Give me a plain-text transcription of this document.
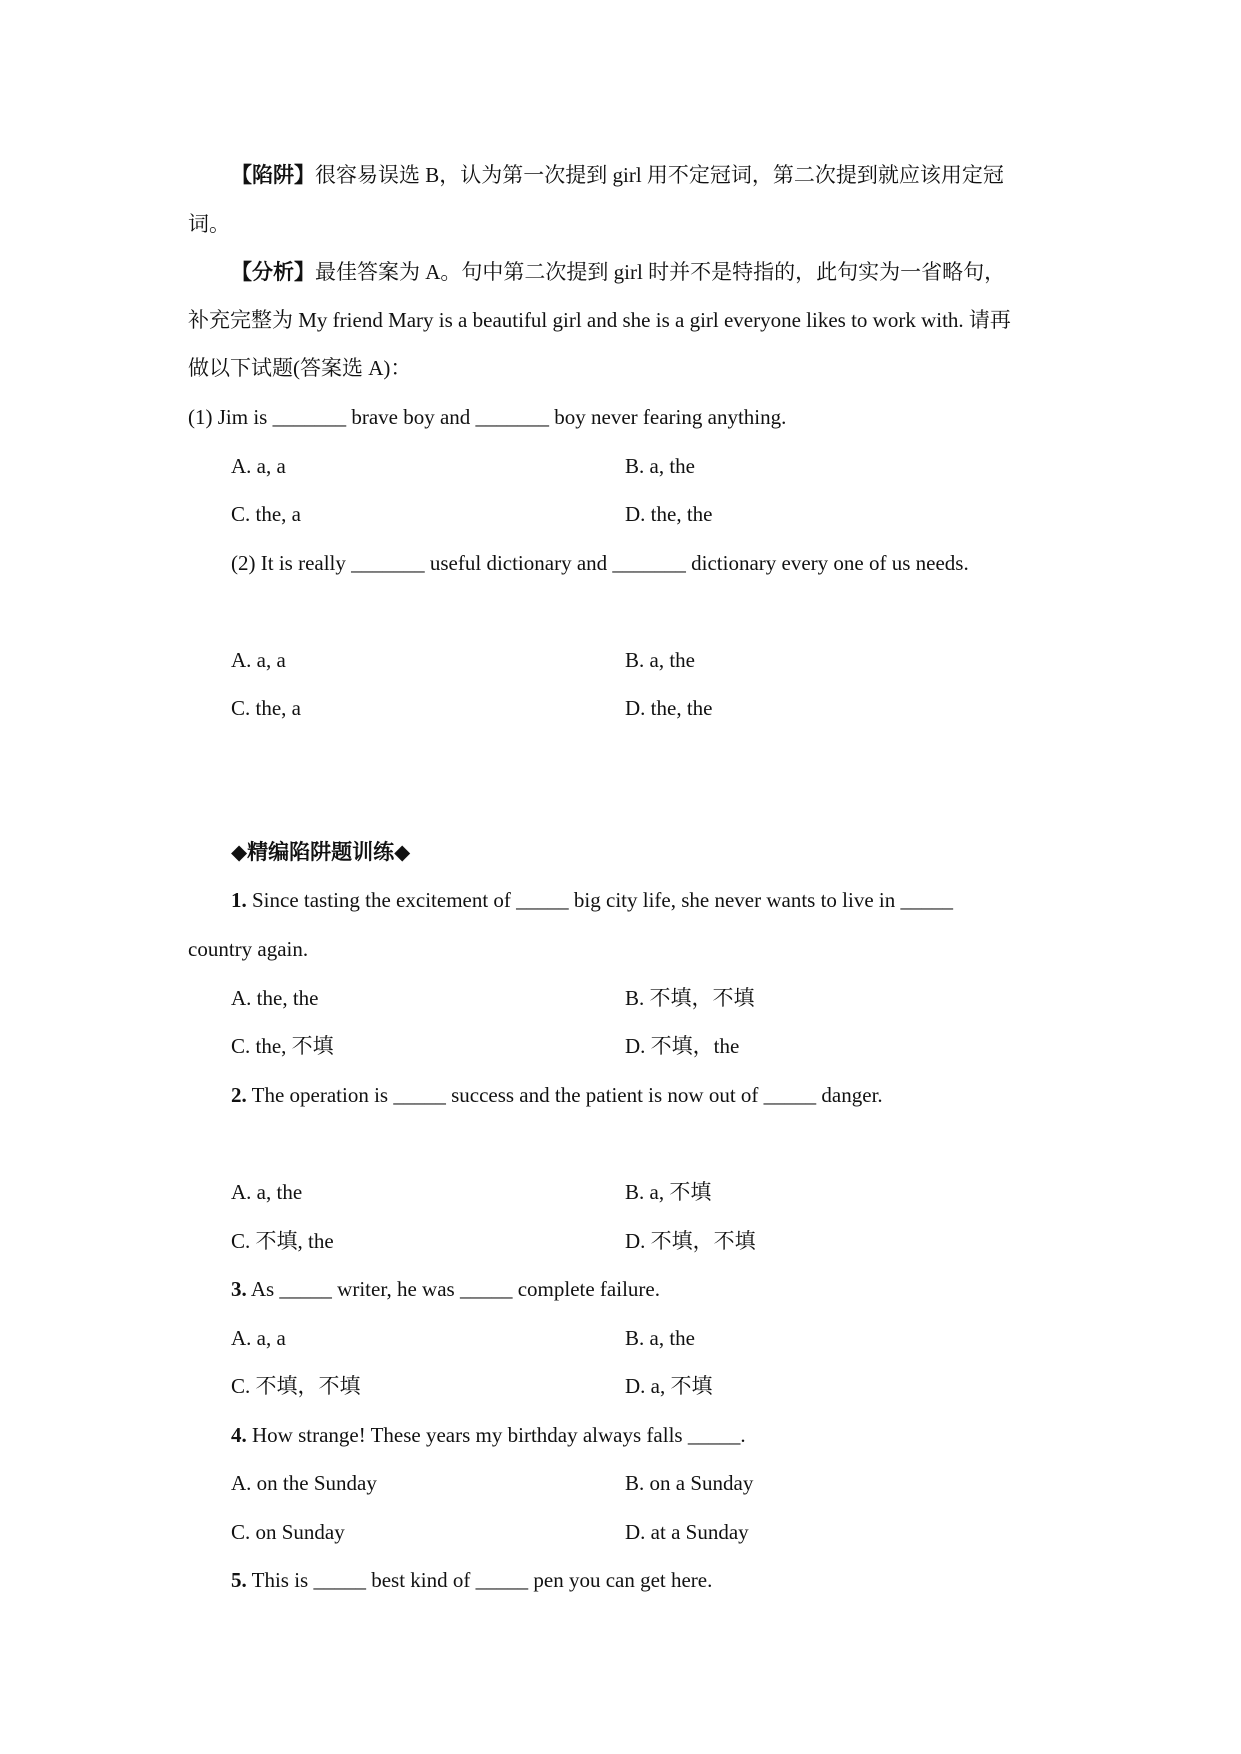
【陷阱】很容易误选 B，认为第一次提到 girl 用不定冠词，第二次提到就应该用定冠
词。
【分析】最佳答案为 A。句中第二次提到 girl 时并不是特指的，此句实为一省略句，
补充完整为 My friend Mary is a beautiful girl and she is a girl everyone likes to work with. 请再
做以下试题(答案选 A)：
(1) Jim is _______ brave boy and _______ boy never fearing anything.
A. a, a	B. a, the
C. the, a	D. the, the
(2) It is really _______ useful dictionary and _______ dictionary every one of us needs.
A. a, a	B. a, the
C. the, a	D. the, the
◆精编陷阱题训练◆
1. Since tasting the excitement of _____ big city life, she never wants to live in _____
country again.
A. the, the	B. 不填，不填
C. the, 不填	D. 不填，the
2. The operation is _____ success and the patient is now out of _____ danger.
A. a, the	B. a, 不填
C. 不填, the	D. 不填，不填
3. As _____ writer, he was _____ complete failure.
A. a, a	B. a, the
C. 不填，不填	D. a, 不填
4. How strange! These years my birthday always falls _____.
A. on the Sunday	B. on a Sunday
C. on Sunday	D. at a Sunday
5. This is _____ best kind of _____ pen you can get here.
